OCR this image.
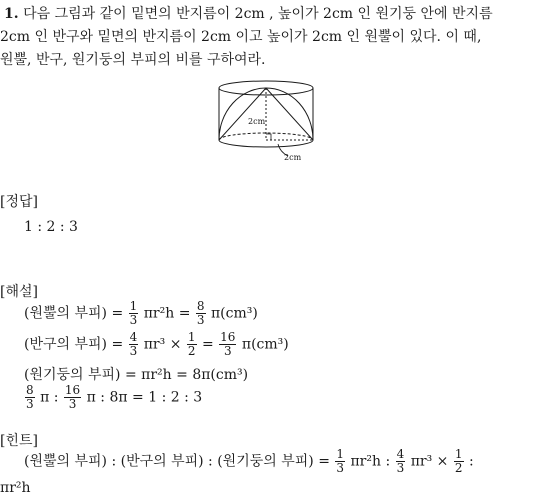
1. 다음 그림과 같이 밑면의 반지름이 2cm , 높이가 2cm 인 원기둥 안에 반지름
2cm 인 반구와 밑면의 반지름이 2cm 이고 높이가 2cm 인 원뿔이 있다. 이 때,
원뿔, 반구, 원기둥의 부피의 비를 구하여라.
2cm
2cm
[정답]
1 : 2 : 3
[해설]
(원뿔의 부피) = $\frac{1}{3} \pi r^2h = \frac{8}{3} \pi(cm^3)$
(반구의 부피) = $\frac{4}{3} \pi r^3 \times \frac{1}{2} = \frac{16}{3} \pi(cm^3)$
(원기둥의 부피) = πr²h = 8π(cm³)
$\frac{8}{3}$ π : $\frac{16}{3}$ π : 8π = 1 : 2 : 3
[힌트]
(원뿔의 부피) : (반구의 부피) : (원기둥의 부피) = $\frac{1}{3} \pi r^2h$ : $\frac{4}{3} \pi r^3 \times \frac{1}{2}$ :
πr²h
